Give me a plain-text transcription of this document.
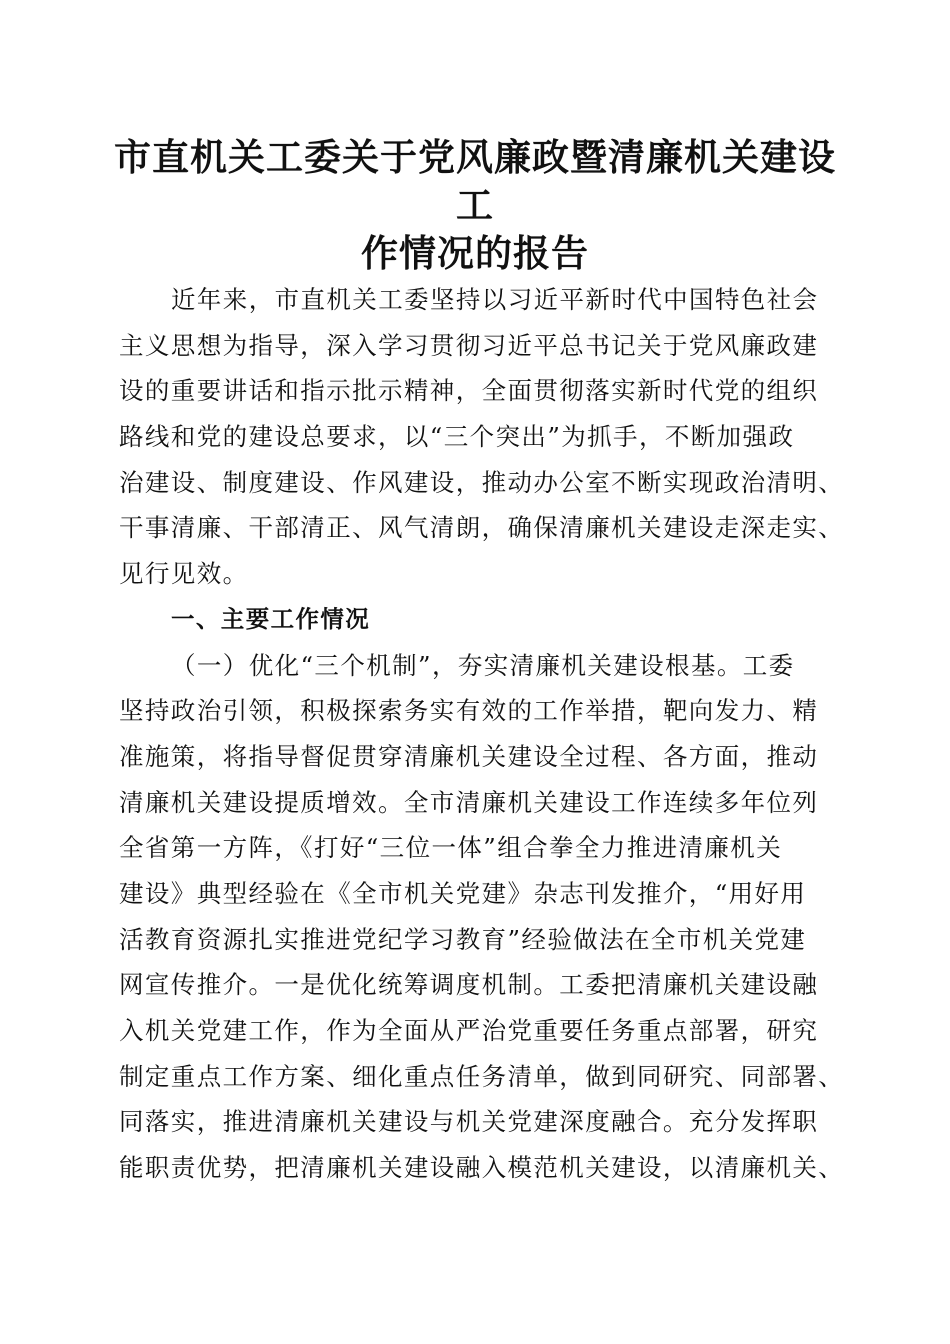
市直机关工委关于党风廉政暨清廉机关建设工
作情况的报告
近年来，市直机关工委坚持以习近平新时代中国特色社会
主义思想为指导，深入学习贯彻习近平总书记关于党风廉政建
设的重要讲话和指示批示精神，全面贯彻落实新时代党的组织
路线和党的建设总要求，以“三个突出”为抓手，不断加强政
治建设、制度建设、作风建设，推动办公室不断实现政治清明、
干事清廉、干部清正、风气清朗，确保清廉机关建设走深走实、
见行见效。
一、主要工作情况
（一）优化“三个机制”，夯实清廉机关建设根基。工委
坚持政治引领，积极探索务实有效的工作举措，靶向发力、精
准施策，将指导督促贯穿清廉机关建设全过程、各方面，推动
清廉机关建设提质增效。全市清廉机关建设工作连续多年位列
全省第一方阵，《打好“三位一体”组合拳全力推进清廉机关
建设》典型经验在《全市机关党建》杂志刊发推介，“用好用
活教育资源扎实推进党纪学习教育”经验做法在全市机关党建
网宣传推介。一是优化统筹调度机制。工委把清廉机关建设融
入机关党建工作，作为全面从严治党重要任务重点部署，研究
制定重点工作方案、细化重点任务清单，做到同研究、同部署、
同落实，推进清廉机关建设与机关党建深度融合。充分发挥职
能职责优势，把清廉机关建设融入模范机关建设，以清廉机关、
